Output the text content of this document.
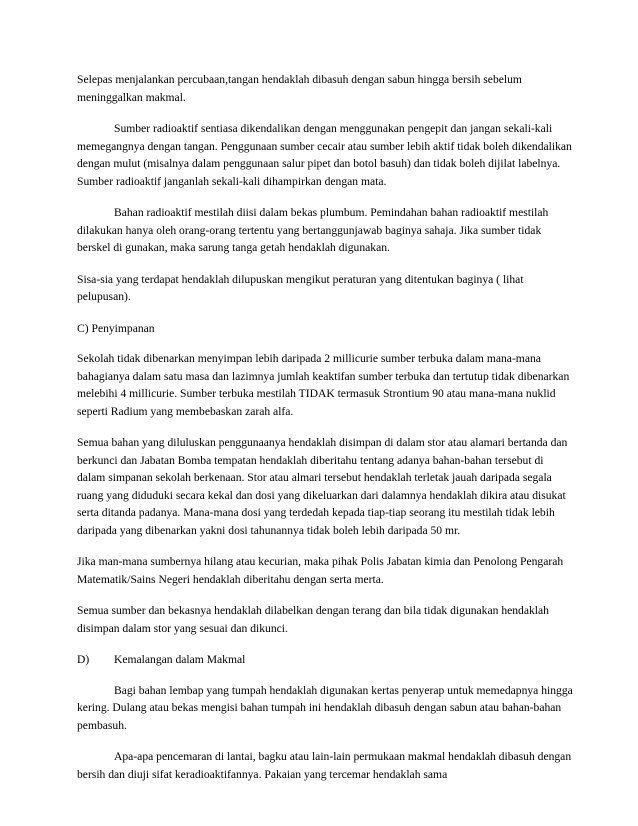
Selepas menjalankan percubaan,tangan hendaklah dibasuh dengan sabun hingga bersih sebelum meninggalkan makmal.

Sumber radioaktif sentiasa dikendalikan dengan menggunakan pengepit dan jangan sekali-kali memegangnya dengan tangan. Penggunaan sumber cecair atau sumber lebih aktif tidak boleh dikendalikan dengan mulut (misalnya dalam penggunaan salur pipet dan botol basuh) dan tidak boleh dijilat labelnya. Sumber radioaktif janganlah sekali-kali dihampirkan dengan mata.

Bahan radioaktif mestilah diisi dalam bekas plumbum. Pemindahan bahan radioaktif mestilah dilakukan hanya oleh orang-orang tertentu yang bertanggunjawab baginya sahaja. Jika sumber tidak berskel di gunakan, maka sarung tanga getah hendaklah digunakan.

Sisa-sia yang terdapat hendaklah dilupuskan mengikut peraturan yang ditentukan baginya ( lihat pelupusan).

C) Penyimpanan

Sekolah tidak dibenarkan menyimpan lebih daripada 2 millicurie sumber terbuka dalam mana-mana bahagianya dalam satu masa dan lazimnya jumlah keaktifan sumber terbuka dan tertutup tidak dibenarkan melebihi 4 millicurie. Sumber terbuka mestilah TIDAK termasuk Strontium 90 atau mana-mana nuklid seperti Radium yang membebaskan zarah alfa.

Semua bahan yang diluluskan penggunaanya hendaklah disimpan di dalam stor atau alamari bertanda dan berkunci dan Jabatan Bomba tempatan hendaklah diberitahu tentang adanya bahan-bahan tersebut di dalam simpanan sekolah berkenaan. Stor atau almari tersebut hendaklah terletak jauah daripada segala ruang yang diduduki secara kekal dan dosi yang dikeluarkan dari dalamnya hendaklah dikira atau disukat serta ditanda padanya. Mana-mana dosi yang terdedah kepada tiap-tiap seorang itu mestilah tidak lebih daripada yang dibenarkan yakni dosi tahunannya tidak boleh lebih daripada 50 mr.

Jika man-mana sumbernya hilang atau kecurian, maka pihak Polis Jabatan kimia dan Penolong Pengarah Matematik/Sains Negeri hendaklah diberitahu dengan serta merta.

Semua sumber dan bekasnya hendaklah dilabelkan dengan terang dan bila tidak digunakan hendaklah disimpan dalam stor yang sesuai dan dikunci.

D) Kemalangan dalam Makmal

Bagi bahan lembap yang tumpah hendaklah digunakan kertas penyerap untuk memedapnya hingga kering. Dulang atau bekas mengisi bahan tumpah ini hendaklah dibasuh dengan sabun atau bahan-bahan pembasuh.

Apa-apa pencemaran di lantai, bagku atau lain-lain permukaan makmal hendaklah dibasuh dengan bersih dan diuji sifat keradioaktifannya. Pakaian yang tercemar hendaklah sama
